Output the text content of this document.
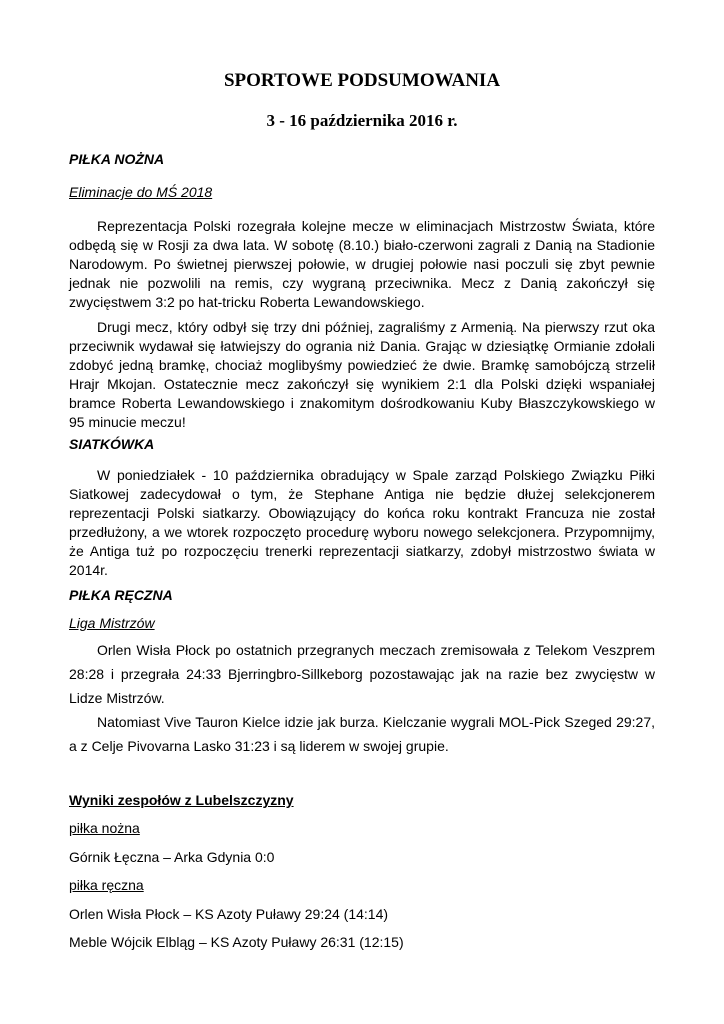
SPORTOWE PODSUMOWANIA
3 - 16 października 2016 r.
PIŁKA NOŻNA
Eliminacje do MŚ 2018

Reprezentacja Polski rozegrała kolejne mecze w eliminacjach Mistrzostw Świata, które odbędą się w Rosji za dwa lata. W sobotę (8.10.) biało-czerwoni zagrali z Danią na Stadionie Narodowym. Po świetnej pierwszej połowie, w drugiej połowie nasi poczuli się zbyt pewnie jednak nie pozwolili na remis, czy wygraną przeciwnika. Mecz z Danią zakończył się zwycięstwem 3:2 po hat-tricku Roberta Lewandowskiego.

Drugi mecz, który odbył się trzy dni później, zagraliśmy z Armenią. Na pierwszy rzut oka przeciwnik wydawał się łatwiejszy do ogrania niż Dania. Grając w dziesiątkę Ormianie zdołali zdobyć jedną bramkę, chociaż moglibyśmy powiedzieć że dwie. Bramkę samobójczą strzelił Hrajr Mkojan. Ostatecznie mecz zakończył się wynikiem 2:1 dla Polski dzięki wspaniałej bramce Roberta Lewandowskiego i znakomitym dośrodkowaniu Kuby Błaszczykowskiego w 95 minucie meczu!

SIATKÓWKA

W poniedziałek - 10 października obradujący w Spale zarząd Polskiego Związku Piłki Siatkowej zadecydował o tym, że Stephane Antiga nie będzie dłużej selekcjonerem reprezentacji Polski siatkarzy. Obowiązujący do końca roku kontrakt Francuza nie został przedłużony, a we wtorek rozpoczęto procedurę wyboru nowego selekcjonera. Przypomnijmy, że Antiga tuż po rozpoczęciu trenerki reprezentacji siatkarzy, zdobył mistrzostwo świata w 2014r.

PIŁKA RĘCZNA
Liga Mistrzów

Orlen Wisła Płock po ostatnich przegranych meczach zremisowała z Telekom Veszprem 28:28 i przegrała 24:33 Bjerringbro-Sillkeborg pozostawając jak na razie bez zwycięstw w Lidze Mistrzów.

Natomiast Vive Tauron Kielce idzie jak burza. Kielczanie wygrali MOL-Pick Szeged 29:27, a z Celje Pivovarna Lasko 31:23 i są liderem w swojej grupie.

Wyniki zespołów z Lubelszczyzny
piłka nożna
Górnik Łęczna – Arka Gdynia 0:0
piłka ręczna
Orlen Wisła Płock – KS Azoty Puławy 29:24 (14:14)
Meble Wójcik Elbląg – KS Azoty Puławy 26:31 (12:15)
